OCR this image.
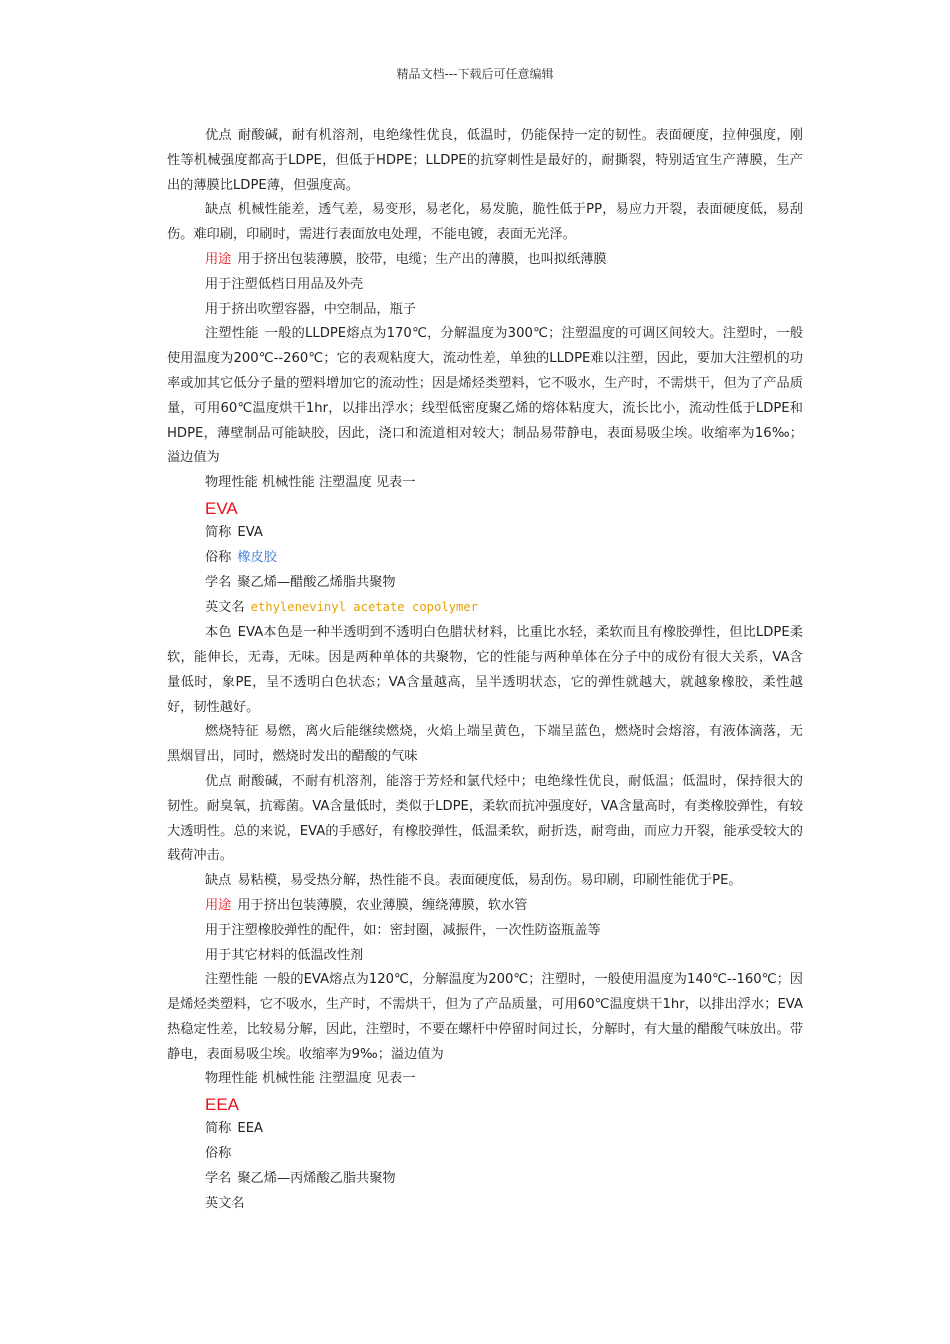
精品文档---下载后可任意编辑

优点 耐酸碱，耐有机溶剂，电绝缘性优良，低温时，仍能保持一定的韧性。表面硬度，拉伸强度，刚性等机械强度都高于LDPE，但低于HDPE；LLDPE的抗穿刺性是最好的，耐撕裂，特别适宜生产薄膜，生产出的薄膜比LDPE薄，但强度高。

缺点 机械性能差，透气差，易变形，易老化，易发脆，脆性低于PP，易应力开裂，表面硬度低，易刮伤。难印刷，印刷时，需进行表面放电处理，不能电镀，表面无光泽。

用途 用于挤出包装薄膜，胶带，电缆；生产出的薄膜，也叫拟纸薄膜

用于注塑低档日用品及外壳

用于挤出吹塑容器，中空制品，瓶子

注塑性能 一般的LLDPE熔点为170℃，分解温度为300℃；注塑温度的可调区间较大。注塑时，一般使用温度为200℃--260℃；它的表观粘度大，流动性差，单独的LLDPE难以注塑，因此，要加大注塑机的功率或加其它低分子量的塑料增加它的流动性；因是烯烃类塑料，它不吸水，生产时，不需烘干，但为了产品质量，可用60℃温度烘干1hr，以排出浮水；线型低密度聚乙烯的熔体粘度大，流长比小，流动性低于LDPE和HDPE，薄壁制品可能缺胶，因此，浇口和流道相对较大；制品易带静电，表面易吸尘埃。收缩率为16‰；溢边值为

物理性能 机械性能 注塑温度 见表一

EVA

简称 EVA

俗称 橡皮胶

学名 聚乙烯—醋酸乙烯脂共聚物

英文名 ethylenevinyl acetate copolymer

本色 EVA本色是一种半透明到不透明白色腊状材料，比重比水轻，柔软而且有橡胶弹性，但比LDPE柔软，能伸长，无毒，无味。因是两种单体的共聚物，它的性能与两种单体在分子中的成份有很大关系，VA含量低时，象PE，呈不透明白色状态；VA含量越高，呈半透明状态，它的弹性就越大，就越象橡胶，柔性越好，韧性越好。

燃烧特征 易燃，离火后能继续燃烧，火焰上端呈黄色，下端呈蓝色，燃烧时会熔溶，有液体滴落，无黑烟冒出，同时，燃烧时发出的醋酸的气味

优点 耐酸碱，不耐有机溶剂，能溶于芳烃和氯代烃中；电绝缘性优良，耐低温；低温时，保持很大的韧性。耐臭氧，抗霉菌。VA含量低时，类似于LDPE，柔软而抗冲强度好，VA含量高时，有类橡胶弹性，有较大透明性。总的来说，EVA的手感好，有橡胶弹性，低温柔软，耐折迭，耐弯曲，而应力开裂，能承受较大的载荷冲击。

缺点 易粘模，易受热分解，热性能不良。表面硬度低，易刮伤。易印刷，印刷性能优于PE。

用途 用于挤出包装薄膜，农业薄膜，缠绕薄膜，软水管

用于注塑橡胶弹性的配件，如：密封圈，减振件，一次性防盗瓶盖等

用于其它材料的低温改性剂

注塑性能 一般的EVA熔点为120℃，分解温度为200℃；注塑时，一般使用温度为140℃--160℃；因是烯烃类塑料，它不吸水，生产时，不需烘干，但为了产品质量，可用60℃温度烘干1hr，以排出浮水；EVA热稳定性差，比较易分解，因此，注塑时，不要在螺杆中停留时间过长，分解时，有大量的醋酸气味放出。带静电，表面易吸尘埃。收缩率为9‰；溢边值为

物理性能 机械性能 注塑温度 见表一

EEA

简称 EEA

俗称

学名 聚乙烯—丙烯酸乙脂共聚物

英文名
